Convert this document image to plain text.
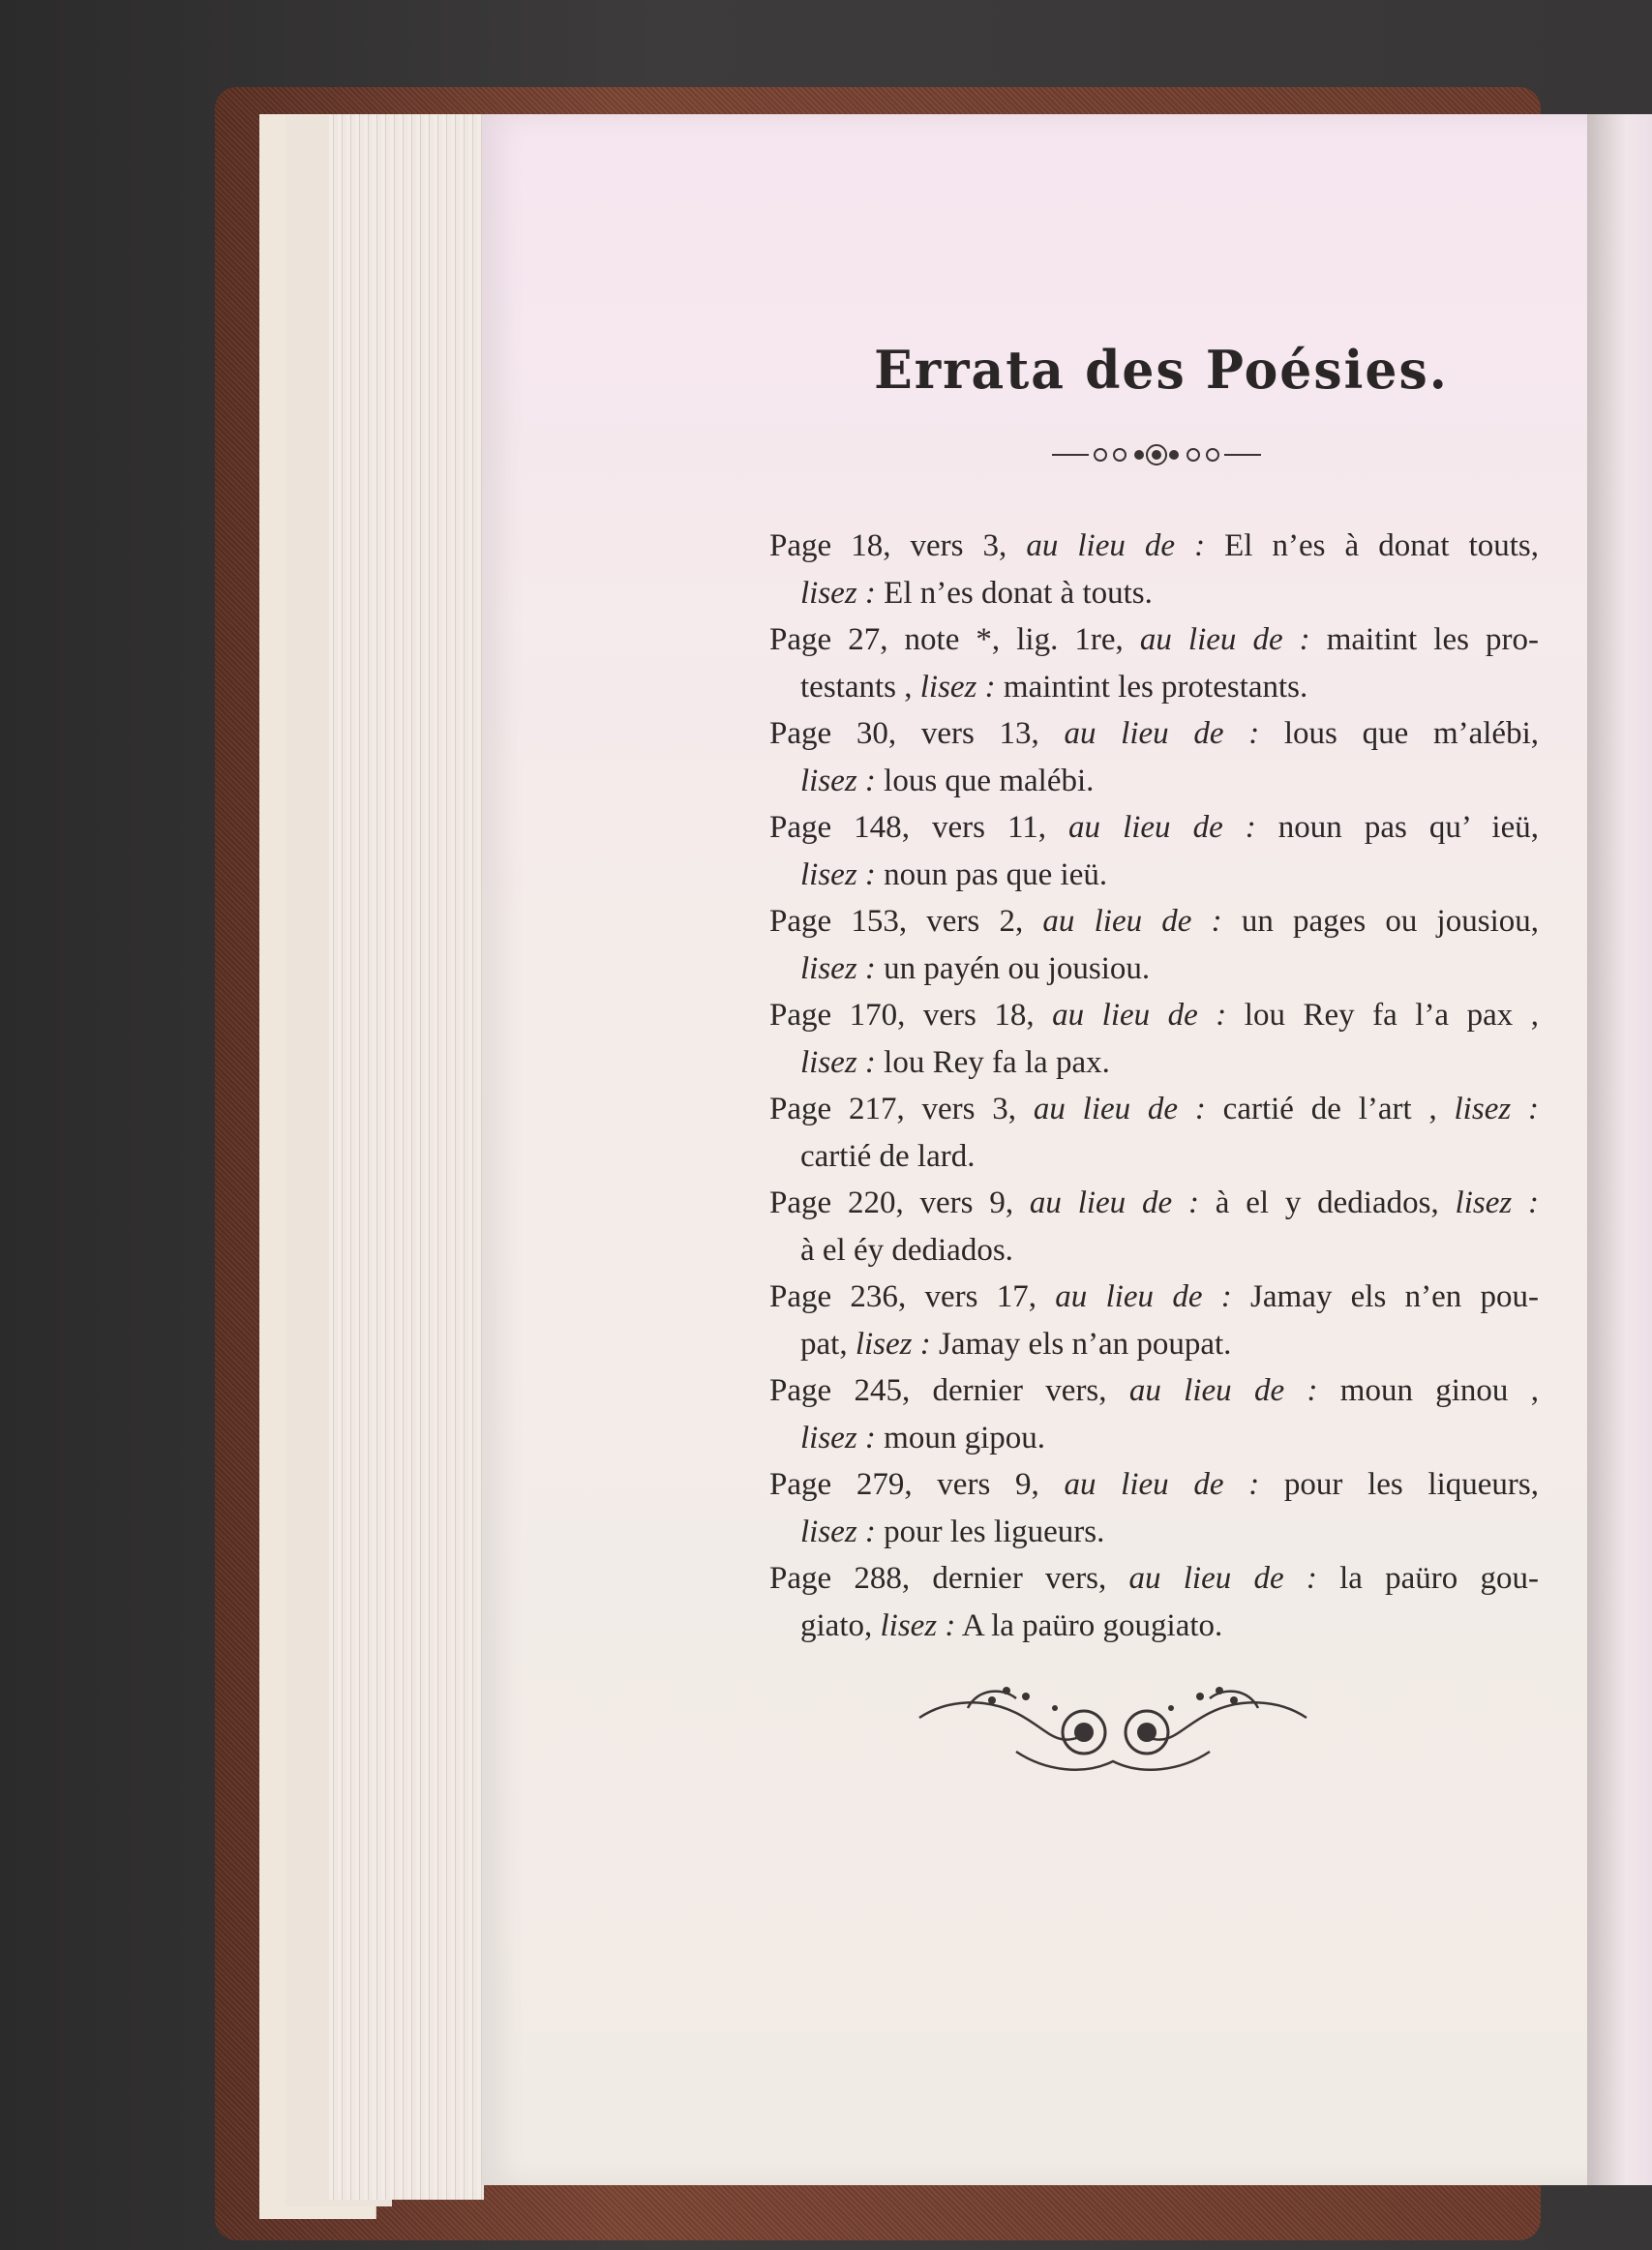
Errata des Poésies.

Page 18, vers 3, au lieu de : El n’es à donat touts,
lisez : El n’es donat à touts.

Page 27, note *, lig. 1re, au lieu de : maitint les pro-
testants , lisez : maintint les protestants.

Page 30, vers 13, au lieu de : lous que m’alébi,
lisez : lous que malébi.

Page 148, vers 11, au lieu de : noun pas qu’ ieü,
lisez : noun pas que ieü.

Page 153, vers 2, au lieu de : un pages ou jousiou,
lisez : un payén ou jousiou.

Page 170, vers 18, au lieu de : lou Rey fa l’a pax ,
lisez : lou Rey fa la pax.

Page 217, vers 3, au lieu de : cartié de l’art , lisez :
cartié de lard.

Page 220, vers 9, au lieu de : à el y dediados, lisez :
à el éy dediados.

Page 236, vers 17, au lieu de : Jamay els n’en pou-
pat, lisez : Jamay els n’an poupat.

Page 245, dernier vers, au lieu de : moun ginou ,
lisez : moun gipou.

Page 279, vers 9, au lieu de : pour les liqueurs,
lisez : pour les ligueurs.

Page 288, dernier vers, au lieu de : la paüro gou-
giato, lisez : A la paüro gougiato.
